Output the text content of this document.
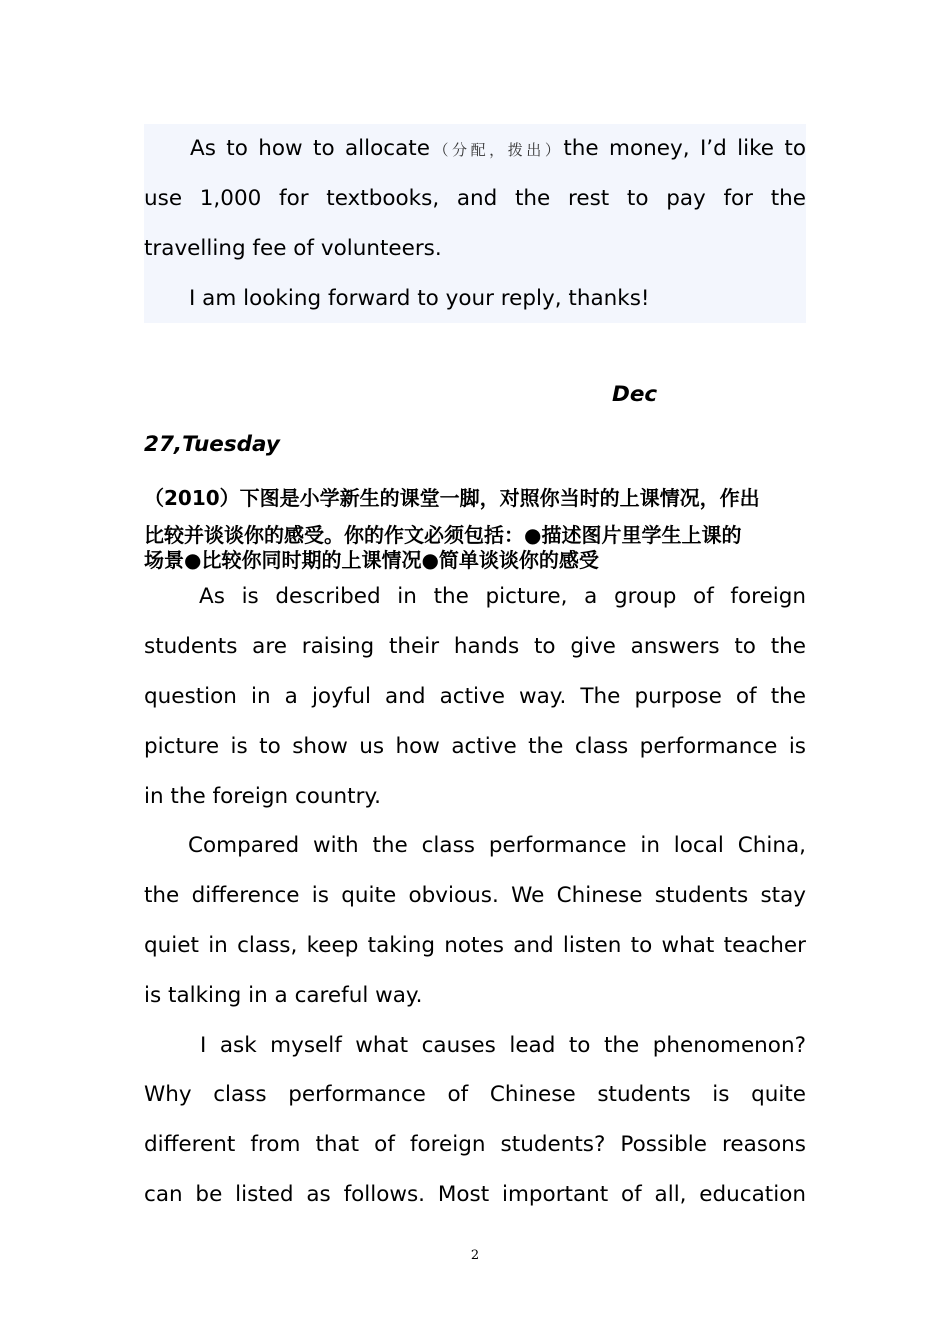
As to how to allocate（分配，拨出）the money, I’d like to
use 1,000 for textbooks, and the rest to pay for the
travelling fee of volunteers.
I am looking forward to your reply, thanks!
Dec
27,Tuesday
（2010）下图是小学新生的课堂一脚，对照你当时的上课情况，作出
比较并谈谈你的感受。你的作文必须包括：●描述图片里学生上课的
场景●比较你同时期的上课情况●简单谈谈你的感受
As is described in the picture, a group of foreign
students are raising their hands to give answers to the
question in a joyful and active way. The purpose of the
picture is to show us how active the class performance is
in the foreign country.
Compared with the class performance in local China,
the difference is quite obvious. We Chinese students stay
quiet in class, keep taking notes and listen to what teacher
is talking in a careful way.
I ask myself what causes lead to the phenomenon?
Why class performance of Chinese students is quite
different from that of foreign students? Possible reasons
can be listed as follows. Most important of all, education
2
